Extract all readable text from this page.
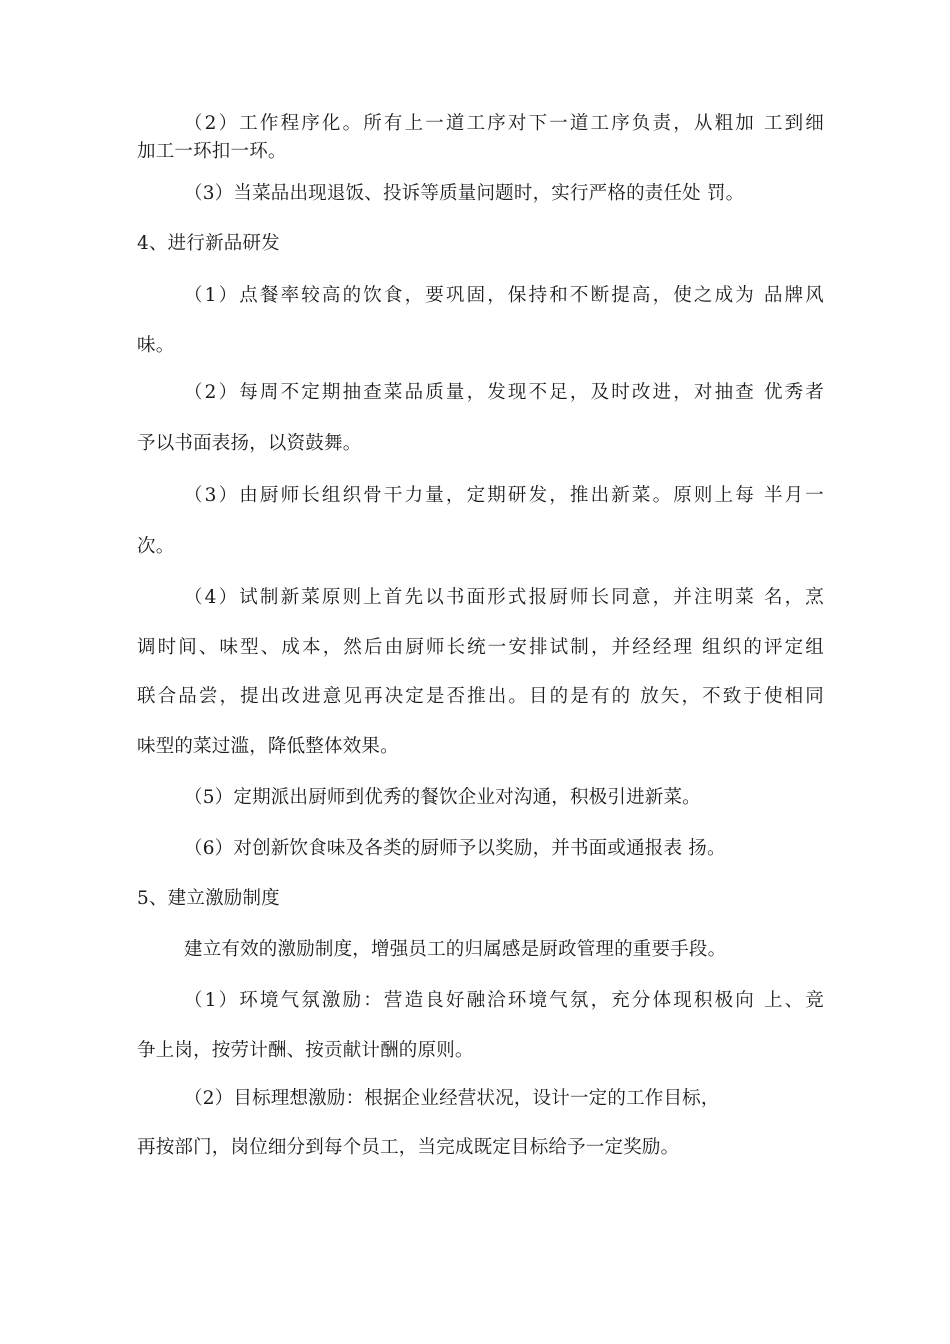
（2）工作程序化。所有上一道工序对下一道工序负责，从粗加 工到细
加工一环扣一环。
（3）当菜品出现退饭、投诉等质量问题时，实行严格的责任处 罚。
4、进行新品研发
（1）点餐率较高的饮食，要巩固，保持和不断提高，使之成为 品牌风
味。
（2）每周不定期抽查菜品质量，发现不足，及时改进，对抽查 优秀者
予以书面表扬，以资鼓舞。
（3）由厨师长组织骨干力量，定期研发，推出新菜。原则上每 半月一
次。
（4）试制新菜原则上首先以书面形式报厨师长同意，并注明菜 名，烹
调时间、味型、成本，然后由厨师长统一安排试制，并经经理 组织的评定组
联合品尝，提出改进意见再决定是否推出。目的是有的 放矢，不致于使相同
味型的菜过滥，降低整体效果。
（5）定期派出厨师到优秀的餐饮企业对沟通，积极引进新菜。
（6）对创新饮食味及各类的厨师予以奖励，并书面或通报表 扬。
5、建立激励制度
建立有效的激励制度，增强员工的归属感是厨政管理的重要手段。
（1）环境气氛激励：营造良好融洽环境气氛，充分体现积极向 上、竞
争上岗，按劳计酬、按贡献计酬的原则。
（2）目标理想激励：根据企业经营状况，设计一定的工作目标，
再按部门，岗位细分到每个员工，当完成既定目标给予一定奖励。
